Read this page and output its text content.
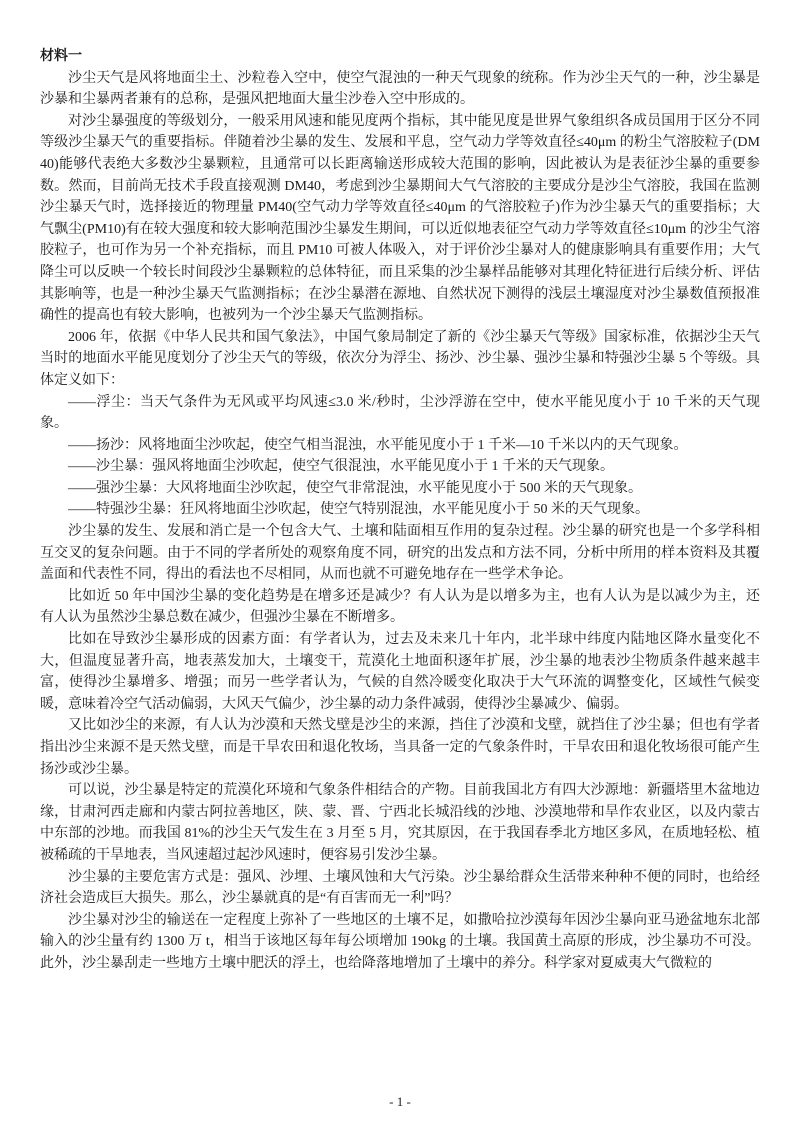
材料一

沙尘天气是风将地面尘土、沙粒卷入空中，使空气混浊的一种天气现象的统称。作为沙尘天气的一种，沙尘暴是沙暴和尘暴两者兼有的总称，是强风把地面大量尘沙卷入空中形成的。

对沙尘暴强度的等级划分，一般采用风速和能见度两个指标，其中能见度是世界气象组织各成员国用于区分不同等级沙尘暴天气的重要指标。伴随着沙尘暴的发生、发展和平息，空气动力学等效直径≤40μm 的粉尘气溶胶粒子(DM40)能够代表绝大多数沙尘暴颗粒，且通常可以长距离输送形成较大范围的影响，因此被认为是表征沙尘暴的重要参数。然而，目前尚无技术手段直接观测 DM40，考虑到沙尘暴期间大气气溶胶的主要成分是沙尘气溶胶，我国在监测沙尘暴天气时，选择接近的物理量 PM40(空气动力学等效直径≤40μm 的气溶胶粒子)作为沙尘暴天气的重要指标；大气飘尘(PM10)有在较大强度和较大影响范围沙尘暴发生期间，可以近似地表征空气动力学等效直径≤10μm 的沙尘气溶胶粒子，也可作为另一个补充指标，而且 PM10 可被人体吸入，对于评价沙尘暴对人的健康影响具有重要作用；大气降尘可以反映一个较长时间段沙尘暴颗粒的总体特征，而且采集的沙尘暴样品能够对其理化特征进行后续分析、评估其影响等，也是一种沙尘暴天气监测指标；在沙尘暴潜在源地、自然状况下测得的浅层土壤湿度对沙尘暴数值预报准确性的提高也有较大影响，也被列为一个沙尘暴天气监测指标。

2006 年，依据《中华人民共和国气象法》，中国气象局制定了新的《沙尘暴天气等级》国家标准，依据沙尘天气当时的地面水平能见度划分了沙尘天气的等级，依次分为浮尘、扬沙、沙尘暴、强沙尘暴和特强沙尘暴 5 个等级。具体定义如下：

——浮尘：当天气条件为无风或平均风速≤3.0 米/秒时，尘沙浮游在空中，使水平能见度小于 10 千米的天气现象。

——扬沙：风将地面尘沙吹起，使空气相当混浊，水平能见度小于 1 千米—10 千米以内的天气现象。

——沙尘暴：强风将地面尘沙吹起，使空气很混浊，水平能见度小于 1 千米的天气现象。

——强沙尘暴：大风将地面尘沙吹起，使空气非常混浊，水平能见度小于 500 米的天气现象。

——特强沙尘暴：狂风将地面尘沙吹起，使空气特别混浊，水平能见度小于 50 米的天气现象。

沙尘暴的发生、发展和消亡是一个包含大气、土壤和陆面相互作用的复杂过程。沙尘暴的研究也是一个多学科相互交叉的复杂问题。由于不同的学者所处的观察角度不同，研究的出发点和方法不同，分析中所用的样本资料及其覆盖面和代表性不同，得出的看法也不尽相同，从而也就不可避免地存在一些学术争论。

比如近 50 年中国沙尘暴的变化趋势是在增多还是减少？有人认为是以增多为主，也有人认为是以减少为主，还有人认为虽然沙尘暴总数在减少，但强沙尘暴在不断增多。

比如在导致沙尘暴形成的因素方面：有学者认为，过去及未来几十年内，北半球中纬度内陆地区降水量变化不大，但温度显著升高，地表蒸发加大，土壤变干，荒漠化土地面积逐年扩展，沙尘暴的地表沙尘物质条件越来越丰富，使得沙尘暴增多、增强；而另一些学者认为，气候的自然冷暖变化取决于大气环流的调整变化，区域性气候变暖，意味着冷空气活动偏弱，大风天气偏少，沙尘暴的动力条件减弱，使得沙尘暴减少、偏弱。

又比如沙尘的来源，有人认为沙漠和天然戈壁是沙尘的来源，挡住了沙漠和戈壁，就挡住了沙尘暴；但也有学者指出沙尘来源不是天然戈壁，而是干旱农田和退化牧场，当具备一定的气象条件时，干旱农田和退化牧场很可能产生扬沙或沙尘暴。

可以说，沙尘暴是特定的荒漠化环境和气象条件相结合的产物。目前我国北方有四大沙源地：新疆塔里木盆地边缘，甘肃河西走廊和内蒙古阿拉善地区，陕、蒙、晋、宁西北长城沿线的沙地、沙漠地带和旱作农业区，以及内蒙古中东部的沙地。而我国 81%的沙尘天气发生在 3 月至 5 月，究其原因，在于我国春季北方地区多风，在质地轻松、植被稀疏的干旱地表，当风速超过起沙风速时，便容易引发沙尘暴。

沙尘暴的主要危害方式是：强风、沙埋、土壤风蚀和大气污染。沙尘暴给群众生活带来种种不便的同时，也给经济社会造成巨大损失。那么，沙尘暴就真的是“有百害而无一利”吗？

沙尘暴对沙尘的输送在一定程度上弥补了一些地区的土壤不足，如撒哈拉沙漠每年因沙尘暴向亚马逊盆地东北部输入的沙尘量有约 1300 万 t，相当于该地区每年每公顷增加 190kg 的土壤。我国黄土高原的形成，沙尘暴功不可没。此外，沙尘暴刮走一些地方土壤中肥沃的浮土，也给降落地增加了土壤中的养分。科学家对夏威夷大气微粒的

- 1 -
